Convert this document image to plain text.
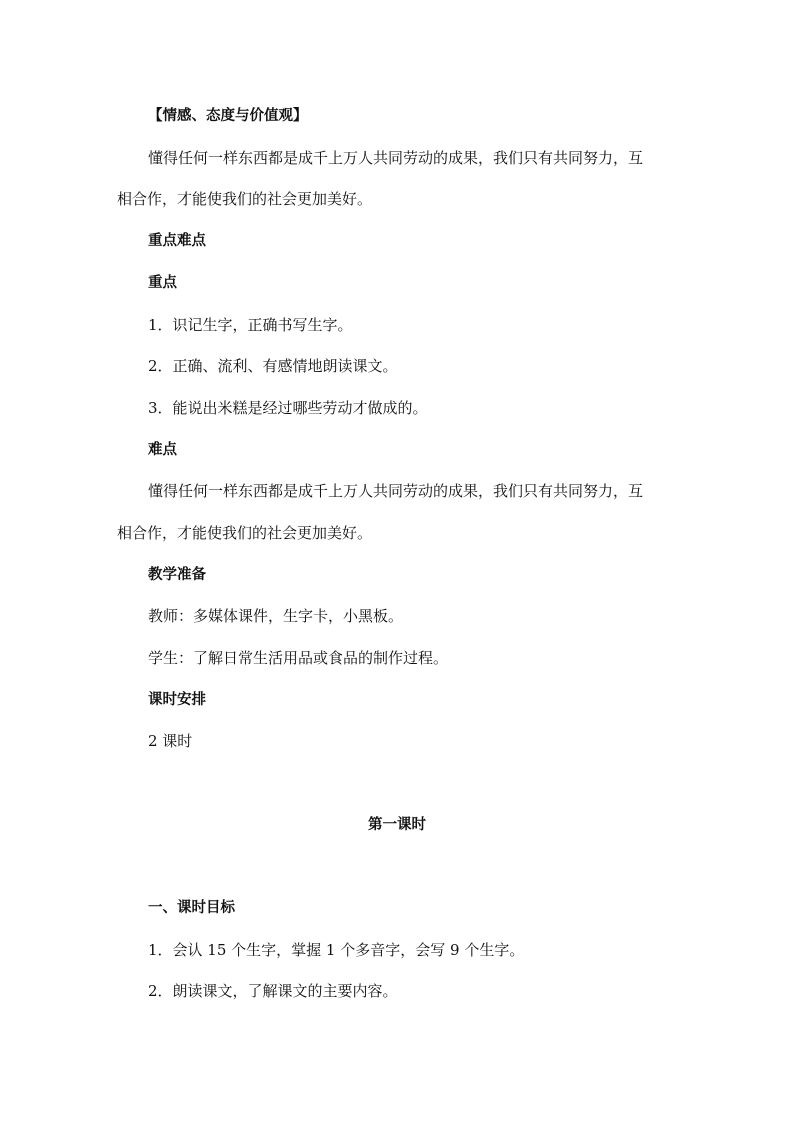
【情感、态度与价值观】
懂得任何一样东西都是成千上万人共同劳动的成果，我们只有共同努力，互
相合作，才能使我们的社会更加美好。
重点难点
重点
1．识记生字，正确书写生字。
2．正确、流利、有感情地朗读课文。
3．能说出米糕是经过哪些劳动才做成的。
难点
懂得任何一样东西都是成千上万人共同劳动的成果，我们只有共同努力，互
相合作，才能使我们的社会更加美好。
教学准备
教师：多媒体课件，生字卡，小黑板。
学生：了解日常生活用品或食品的制作过程。
课时安排
2 课时
第一课时
一、课时目标
1．会认 15 个生字，掌握 1 个多音字，会写 9 个生字。
2．朗读课文，了解课文的主要内容。
